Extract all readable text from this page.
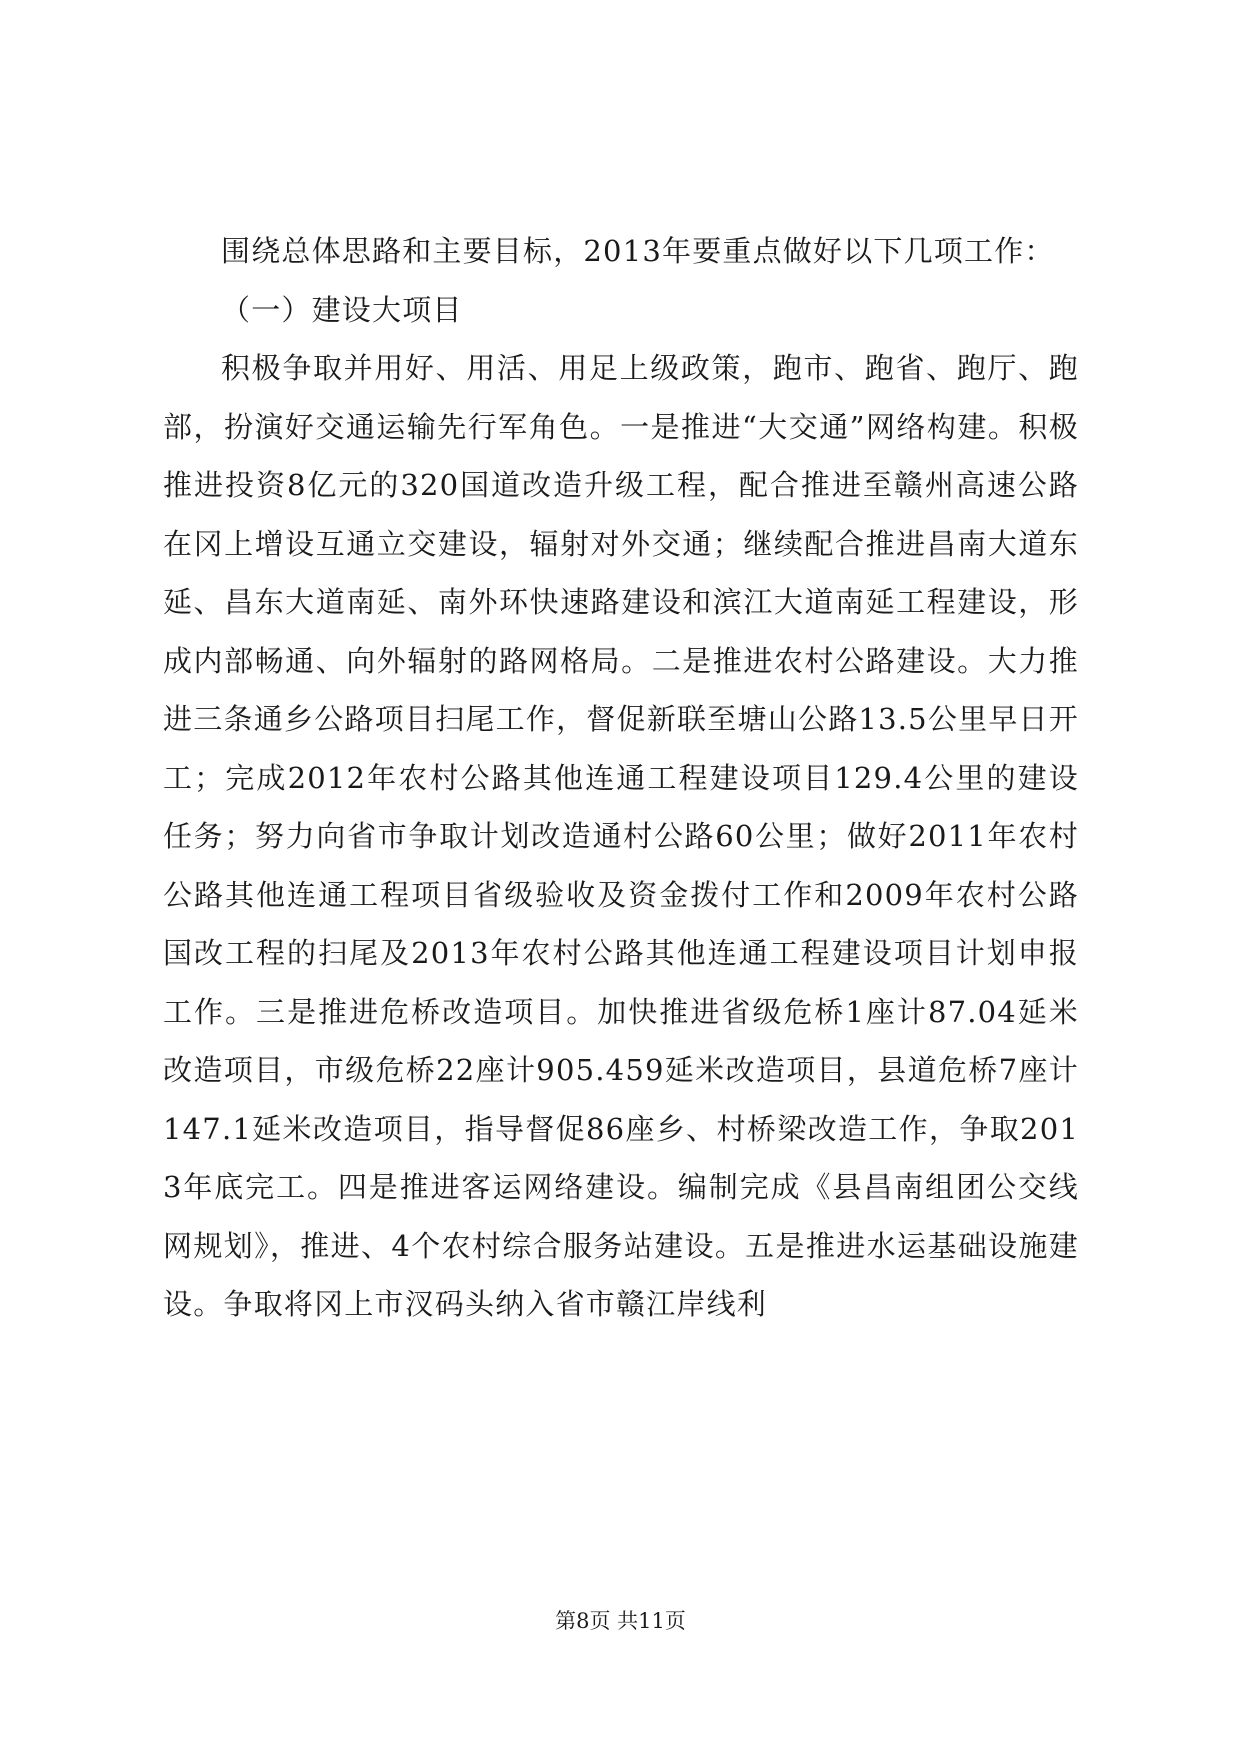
围绕总体思路和主要目标，2013年要重点做好以下几项工作：

（一）建设大项目

积极争取并用好、用活、用足上级政策，跑市、跑省、跑厅、跑部，扮演好交通运输先行军角色。一是推进“大交通”网络构建。积极推进投资8亿元的320国道改造升级工程，配合推进至赣州高速公路在冈上增设互通立交建设，辐射对外交通；继续配合推进昌南大道东延、昌东大道南延、南外环快速路建设和滨江大道南延工程建设，形成内部畅通、向外辐射的路网格局。二是推进农村公路建设。大力推进三条通乡公路项目扫尾工作，督促新联至塘山公路13.5公里早日开工；完成2012年农村公路其他连通工程建设项目129.4公里的建设任务；努力向省市争取计划改造通村公路60公里；做好2011年农村公路其他连通工程项目省级验收及资金拨付工作和2009年农村公路国改工程的扫尾及2013年农村公路其他连通工程建设项目计划申报工作。三是推进危桥改造项目。加快推进省级危桥1座计87.04延米改造项目，市级危桥22座计905.459延米改造项目，县道危桥7座计147.1延米改造项目，指导督促86座乡、村桥梁改造工作，争取2013年底完工。四是推进客运网络建设。编制完成《县昌南组团公交线网规划》，推进、4个农村综合服务站建设。五是推进水运基础设施建设。争取将冈上市汊码头纳入省市赣江岸线利

第8页 共11页
